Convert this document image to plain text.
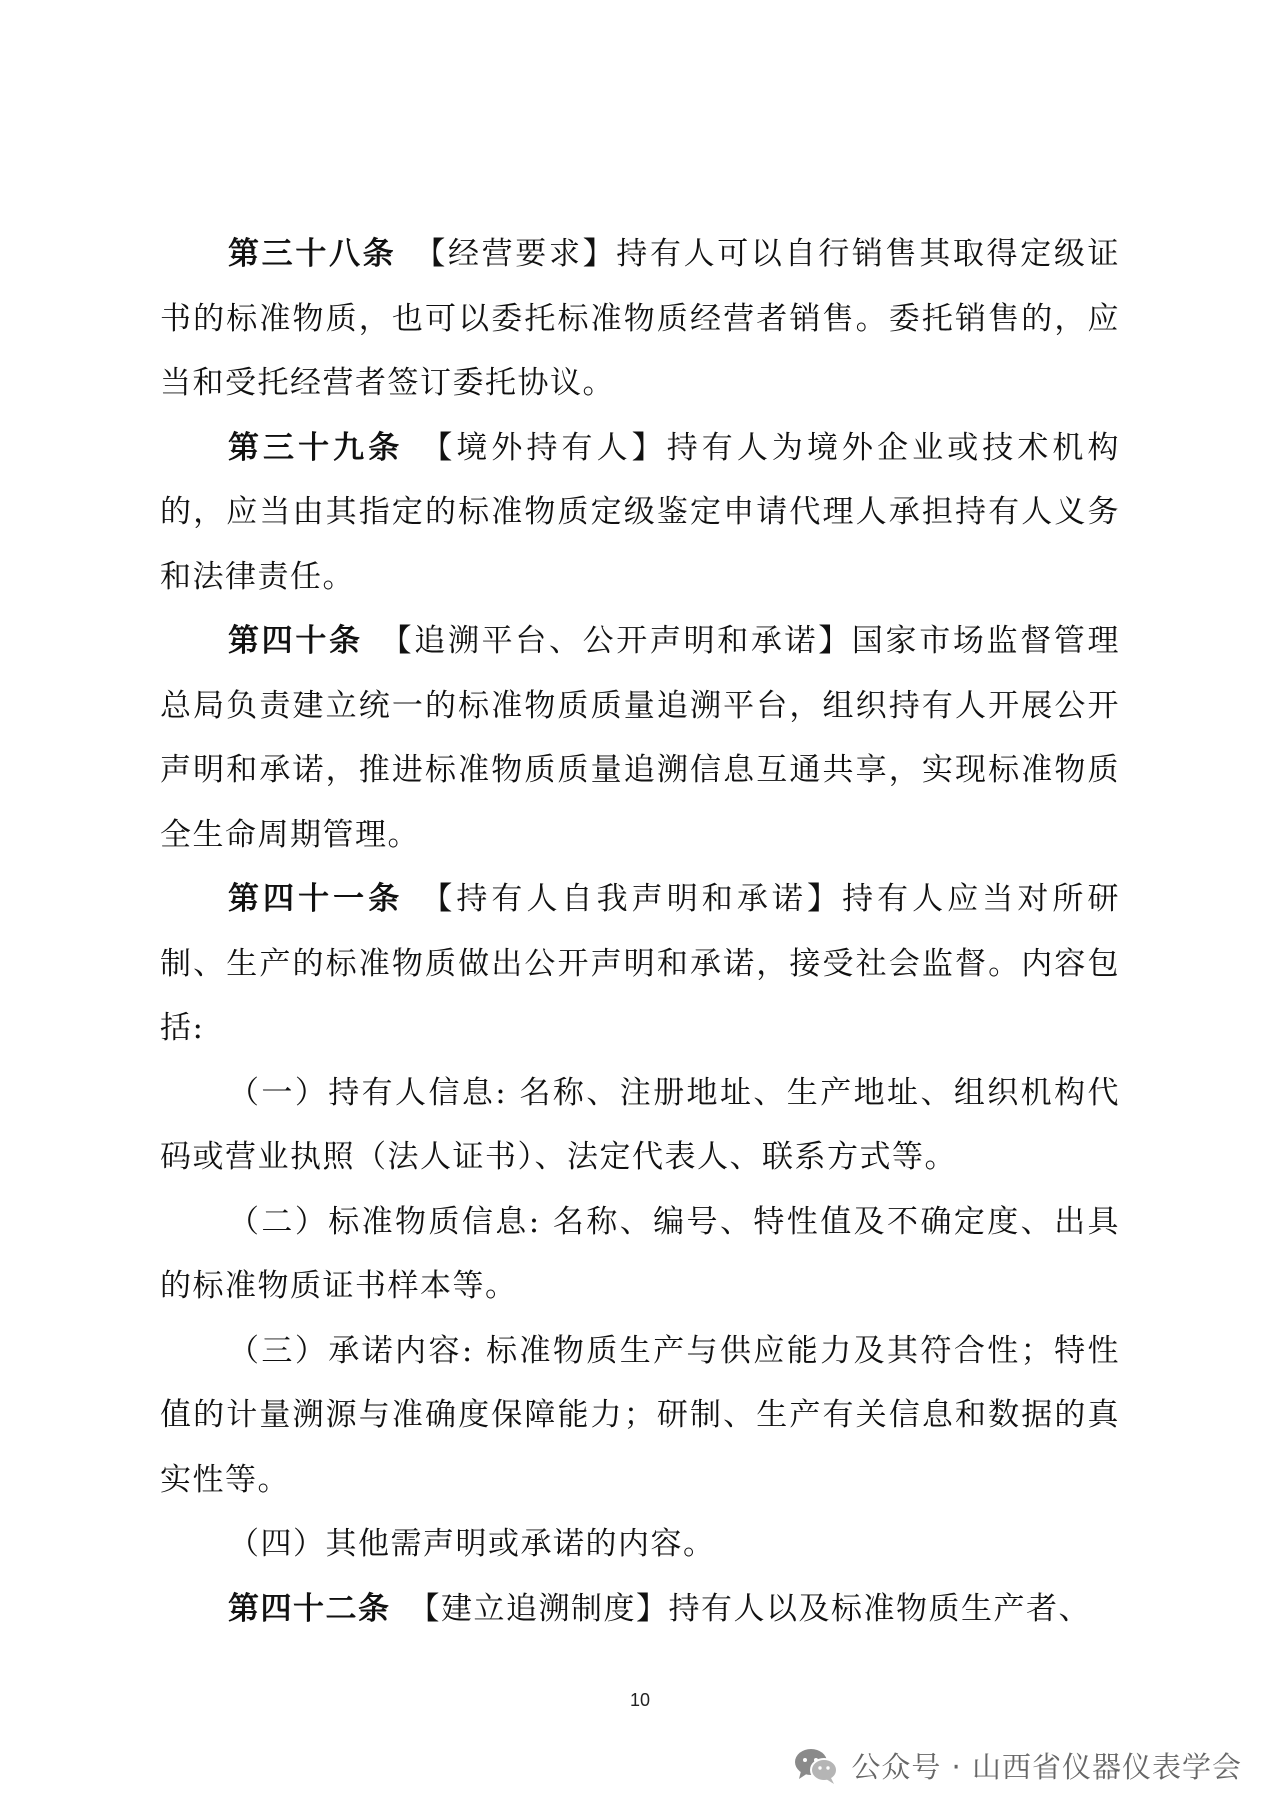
第三十八条 【经营要求】持有人可以自行销售其取得定级证书的标准物质，也可以委托标准物质经营者销售。委托销售的，应当和受托经营者签订委托协议。

第三十九条 【境外持有人】持有人为境外企业或技术机构的，应当由其指定的标准物质定级鉴定申请代理人承担持有人义务和法律责任。

第四十条 【追溯平台、公开声明和承诺】国家市场监督管理总局负责建立统一的标准物质质量追溯平台，组织持有人开展公开声明和承诺，推进标准物质质量追溯信息互通共享，实现标准物质全生命周期管理。

第四十一条 【持有人自我声明和承诺】持有人应当对所研制、生产的标准物质做出公开声明和承诺，接受社会监督。内容包括:

（一）持有人信息: 名称、注册地址、生产地址、组织机构代码或营业执照（法人证书）、法定代表人、联系方式等。

（二）标准物质信息: 名称、编号、特性值及不确定度、出具的标准物质证书样本等。

（三）承诺内容: 标准物质生产与供应能力及其符合性；特性值的计量溯源与准确度保障能力；研制、生产有关信息和数据的真实性等。

（四）其他需声明或承诺的内容。

第四十二条 【建立追溯制度】持有人以及标准物质生产者、

10
公众号 · 山西省仪器仪表学会
